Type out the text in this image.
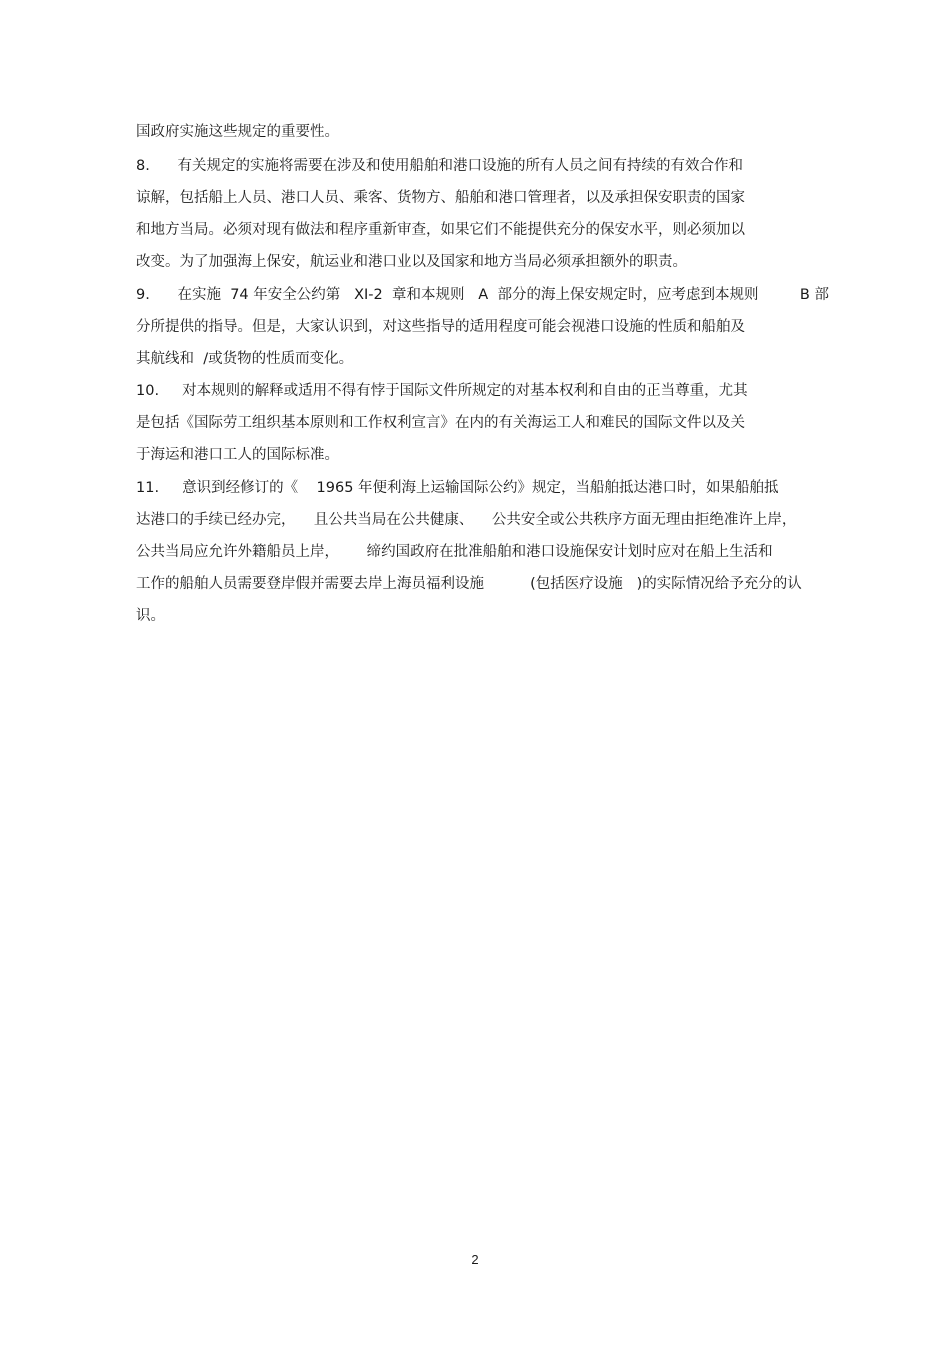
国政府实施这些规定的重要性。
8.      有关规定的实施将需要在涉及和使用船舶和港口设施的所有人员之间有持续的有效合作和
谅解，包括船上人员、港口人员、乘客、货物方、船舶和港口管理者，以及承担保安职责的国家
和地方当局。必须对现有做法和程序重新审查，如果它们不能提供充分的保安水平，则必须加以
改变。为了加强海上保安，航运业和港口业以及国家和地方当局必须承担额外的职责。
9.      在实施  74 年安全公约第   XI-2  章和本规则   A  部分的海上保安规定时，应考虑到本规则         B 部
分所提供的指导。但是，大家认识到，对这些指导的适用程度可能会视港口设施的性质和船舶及
其航线和  /或货物的性质而变化。
10.     对本规则的解释或适用不得有悖于国际文件所规定的对基本权利和自由的正当尊重，尤其
是包括《国际劳工组织基本原则和工作权利宣言》在内的有关海运工人和难民的国际文件以及关
于海运和港口工人的国际标准。
11.     意识到经修订的《    1965 年便利海上运输国际公约》规定，当船舶抵达港口时，如果船舶抵
达港口的手续已经办完，    且公共当局在公共健康、    公共安全或公共秩序方面无理由拒绝准许上岸，
公共当局应允许外籍船员上岸，      缔约国政府在批准船舶和港口设施保安计划时应对在船上生活和
工作的船舶人员需要登岸假并需要去岸上海员福利设施          (包括医疗设施   )的实际情况给予充分的认
识。
2
